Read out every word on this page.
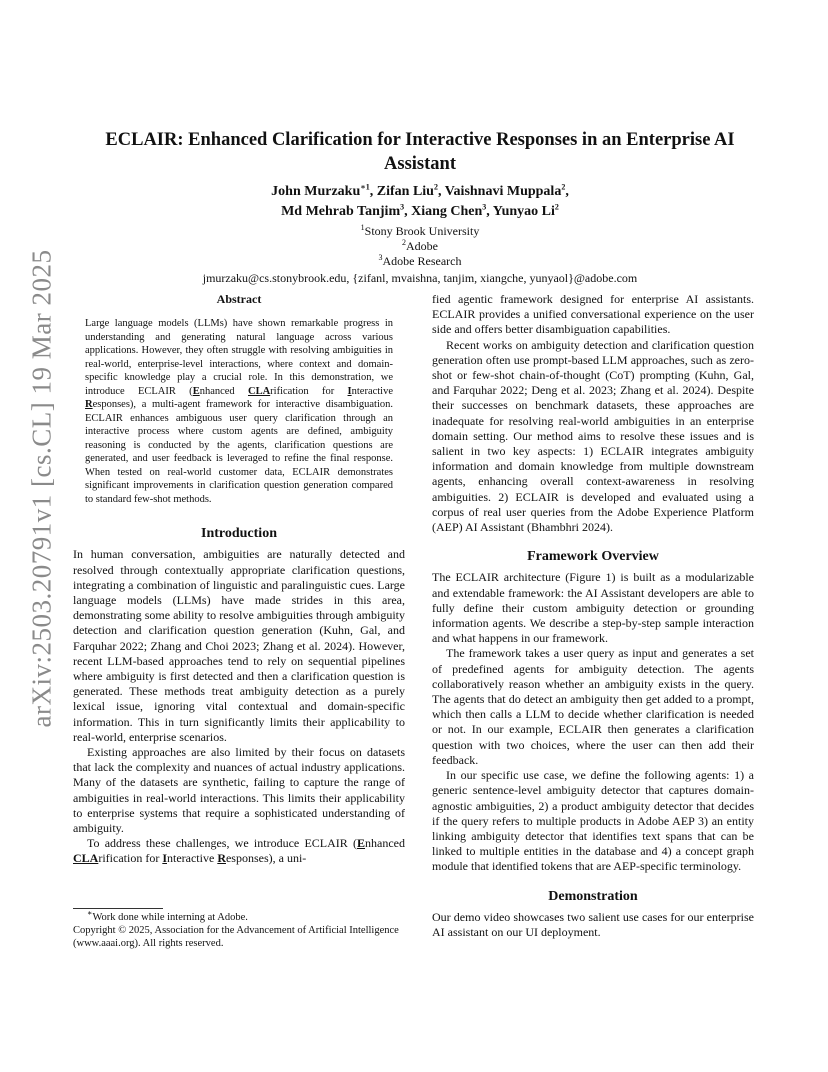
arXiv:2503.20791v1 [cs.CL] 19 Mar 2025
ECLAIR: Enhanced Clarification for Interactive Responses in an Enterprise AI Assistant
John Murzaku$^{∗1}$, Zifan Liu$^2$, Vaishnavi Muppala$^2$,
Md Mehrab Tanjim$^3$, Xiang Chen$^3$, Yunyao Li$^2$
$^1$Stony Brook University
$^2$Adobe
$^3$Adobe Research
jmurzaku@cs.stonybrook.edu, {zifanl, mvaishna, tanjim, xiangche, yunyaol}@adobe.com
Abstract

Large language models (LLMs) have shown remarkable progress in understanding and generating natural language across various applications. However, they often struggle with resolving ambiguities in real-world, enterprise-level interactions, where context and domain-specific knowledge play a crucial role. In this demonstration, we introduce ECLAIR (Enhanced CLArification for Interactive Responses), a multi-agent framework for interactive disambiguation. ECLAIR enhances ambiguous user query clarification through an interactive process where custom agents are defined, ambiguity reasoning is conducted by the agents, clarification questions are generated, and user feedback is leveraged to refine the final response. When tested on real-world customer data, ECLAIR demonstrates significant improvements in clarification question generation compared to standard few-shot methods.

Introduction

In human conversation, ambiguities are naturally detected and resolved through contextually appropriate clarification questions, integrating a combination of linguistic and paralinguistic cues. Large language models (LLMs) have made strides in this area, demonstrating some ability to resolve ambiguities through ambiguity detection and clarification question generation (Kuhn, Gal, and Farquhar 2022; Zhang and Choi 2023; Zhang et al. 2024). However, recent LLM-based approaches tend to rely on sequential pipelines where ambiguity is first detected and then a clarification question is generated. These methods treat ambiguity detection as a purely lexical issue, ignoring vital contextual and domain-specific information. This in turn significantly limits their applicability to real-world, enterprise scenarios.

Existing approaches are also limited by their focus on datasets that lack the complexity and nuances of actual industry applications. Many of the datasets are synthetic, failing to capture the range of ambiguities in real-world interactions. This limits their applicability to enterprise systems that require a sophisticated understanding of ambiguity.

To address these challenges, we introduce ECLAIR (Enhanced CLArification for Interactive Responses), a uni-

∗Work done while interning at Adobe.
Copyright © 2025, Association for the Advancement of Artificial Intelligence (www.aaai.org). All rights reserved.

fied agentic framework designed for enterprise AI assistants. ECLAIR provides a unified conversational experience on the user side and offers better disambiguation capabilities.

Recent works on ambiguity detection and clarification question generation often use prompt-based LLM approaches, such as zero-shot or few-shot chain-of-thought (CoT) prompting (Kuhn, Gal, and Farquhar 2022; Deng et al. 2023; Zhang et al. 2024). Despite their successes on benchmark datasets, these approaches are inadequate for resolving real-world ambiguities in an enterprise domain setting. Our method aims to resolve these issues and is salient in two key aspects: 1) ECLAIR integrates ambiguity information and domain knowledge from multiple downstream agents, enhancing overall context-awareness in resolving ambiguities. 2) ECLAIR is developed and evaluated using a corpus of real user queries from the Adobe Experience Platform (AEP) AI Assistant (Bhambhri 2024).

Framework Overview

The ECLAIR architecture (Figure 1) is built as a modularizable and extendable framework: the AI Assistant developers are able to fully define their custom ambiguity detection or grounding information agents. We describe a step-by-step sample interaction and what happens in our framework.

The framework takes a user query as input and generates a set of predefined agents for ambiguity detection. The agents collaboratively reason whether an ambiguity exists in the query. The agents that do detect an ambiguity then get added to a prompt, which then calls a LLM to decide whether clarification is needed or not. In our example, ECLAIR then generates a clarification question with two choices, where the user can then add their feedback.

In our specific use case, we define the following agents: 1) a generic sentence-level ambiguity detector that captures domain-agnostic ambiguities, 2) a product ambiguity detector that decides if the query refers to multiple products in Adobe AEP 3) an entity linking ambiguity detector that identifies text spans that can be linked to multiple entities in the database and 4) a concept graph module that identified tokens that are AEP-specific terminology.

Demonstration

Our demo video showcases two salient use cases for our enterprise AI assistant on our UI deployment.
